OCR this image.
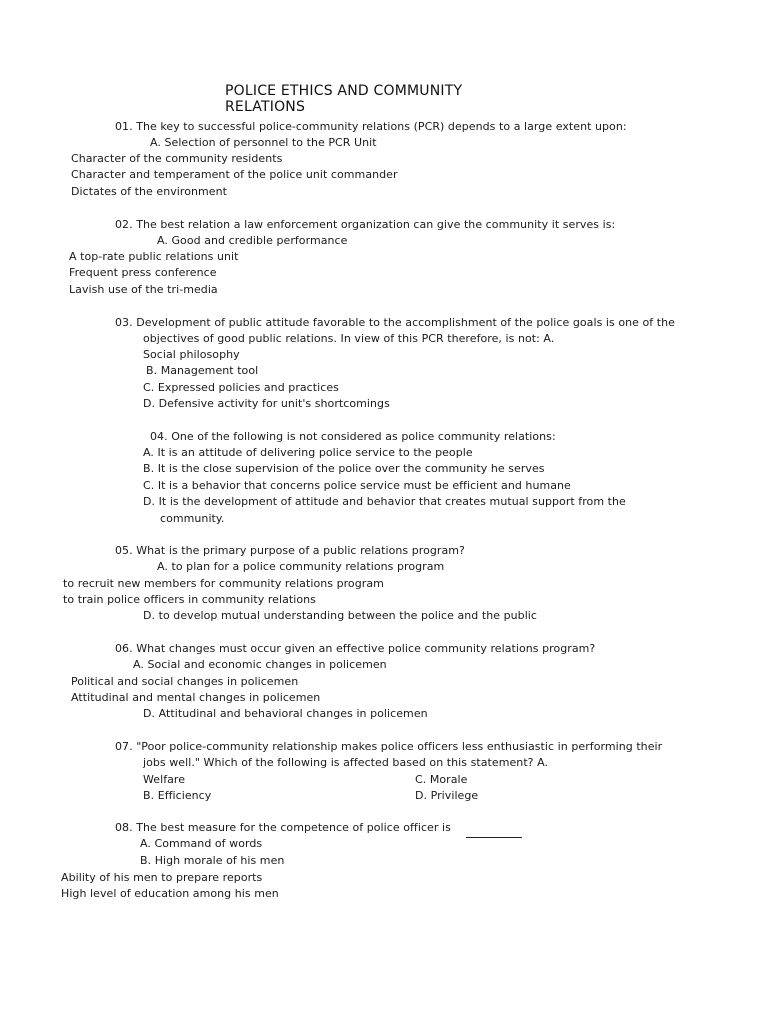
POLICE ETHICS AND COMMUNITY
RELATIONS
01. The key to successful police-community relations (PCR) depends to a large extent upon:
A. Selection of personnel to the PCR Unit
Character of the community residents
Character and temperament of the police unit commander
Dictates of the environment
02. The best relation a law enforcement organization can give the community it serves is:
A. Good and credible performance
A top-rate public relations unit
Frequent press conference
Lavish use of the tri-media
03. Development of public attitude favorable to the accomplishment of the police goals is one of the
objectives of good public relations. In view of this PCR therefore, is not: A.
Social philosophy
B. Management tool
C. Expressed policies and practices
D. Defensive activity for unit's shortcomings
04. One of the following is not considered as police community relations:
A. It is an attitude of delivering police service to the people
B. It is the close supervision of the police over the community he serves
C. It is a behavior that concerns police service must be efficient and humane
D. It is the development of attitude and behavior that creates mutual support from the
community.
05. What is the primary purpose of a public relations program?
A. to plan for a police community relations program
to recruit new members for community relations program
to train police officers in community relations
D. to develop mutual understanding between the police and the public
06. What changes must occur given an effective police community relations program?
A. Social and economic changes in policemen
Political and social changes in policemen
Attitudinal and mental changes in policemen
D. Attitudinal and behavioral changes in policemen
07. "Poor police-community relationship makes police officers less enthusiastic in performing their
jobs well." Which of the following is affected based on this statement? A.
Welfare
B. Efficiency
C. Morale
D. Privilege
08. The best measure for the competence of police officer is
A. Command of words
B. High morale of his men
Ability of his men to prepare reports
High level of education among his men
